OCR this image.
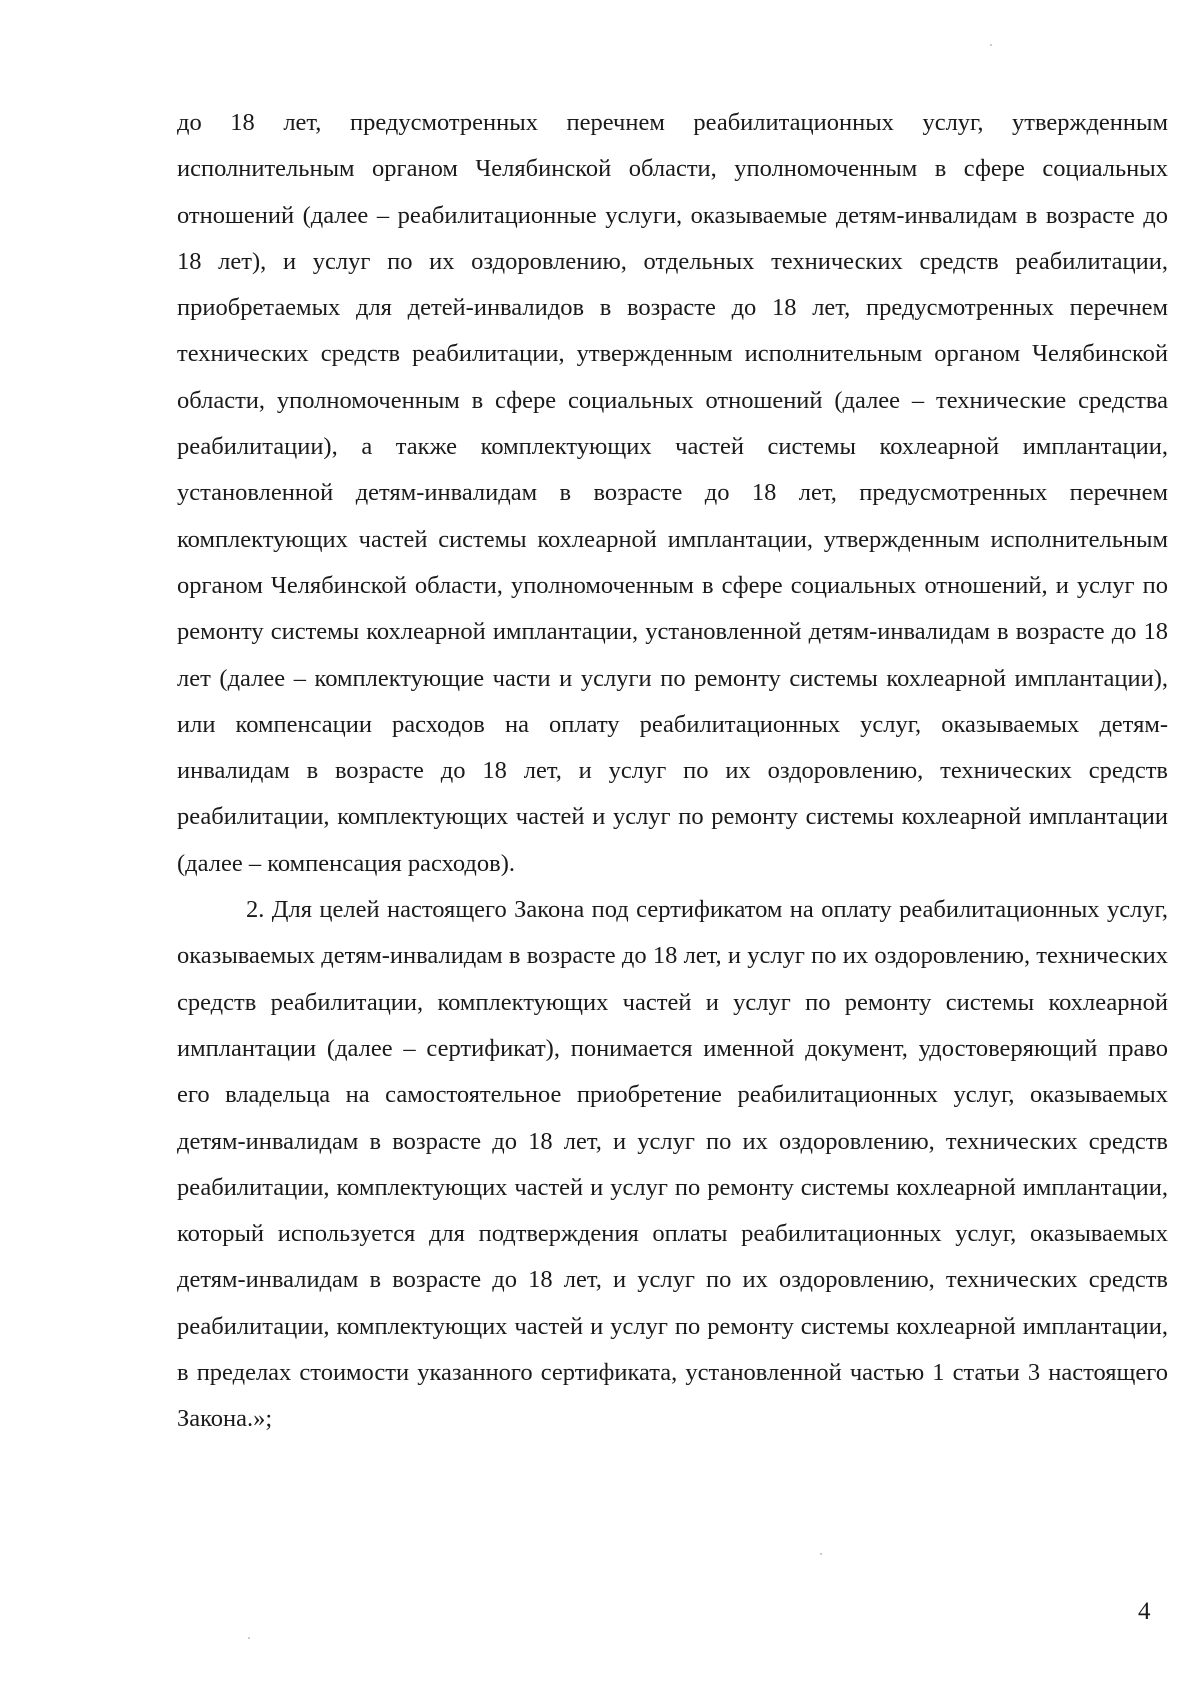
до 18 лет, предусмотренных перечнем реабилитационных услуг, утвержденным исполнительным органом Челябинской области, уполномоченным в сфере социальных отношений (далее – реабилитационные услуги, оказываемые детям-инвалидам в возрасте до 18 лет), и услуг по их оздоровлению, отдельных технических средств реабилитации, приобретаемых для детей-инвалидов в возрасте до 18 лет, предусмотренных перечнем технических средств реабилитации, утвержденным исполнительным органом Челябинской области, уполномоченным в сфере социальных отношений (далее – технические средства реабилитации), а также комплектующих частей системы кохлеарной имплантации, установленной детям-инвалидам в возрасте до 18 лет, предусмотренных перечнем комплектующих частей системы кохлеарной имплантации, утвержденным исполнительным органом Челябинской области, уполномоченным в сфере социальных отношений, и услуг по ремонту системы кохлеарной имплантации, установленной детям-инвалидам в возрасте до 18 лет (далее – комплектующие части и услуги по ремонту системы кохлеарной имплантации), или компенсации расходов на оплату реабилитационных услуг, оказываемых детям-инвалидам в возрасте до 18 лет, и услуг по их оздоровлению, технических средств реабилитации, комплектующих частей и услуг по ремонту системы кохлеарной имплантации (далее – компенсация расходов).

2. Для целей настоящего Закона под сертификатом на оплату реабилитационных услуг, оказываемых детям-инвалидам в возрасте до 18 лет, и услуг по их оздоровлению, технических средств реабилитации, комплектующих частей и услуг по ремонту системы кохлеарной имплантации (далее – сертификат), понимается именной документ, удостоверяющий право его владельца на самостоятельное приобретение реабилитационных услуг, оказываемых детям-инвалидам в возрасте до 18 лет, и услуг по их оздоровлению, технических средств реабилитации, комплектующих частей и услуг по ремонту системы кохлеарной имплантации, который используется для подтверждения оплаты реабилитационных услуг, оказываемых детям-инвалидам в возрасте до 18 лет, и услуг по их оздоровлению, технических средств реабилитации, комплектующих частей и услуг по ремонту системы кохлеарной имплантации, в пределах стоимости указанного сертификата, установленной частью 1 статьи 3 настоящего Закона.»;

4
